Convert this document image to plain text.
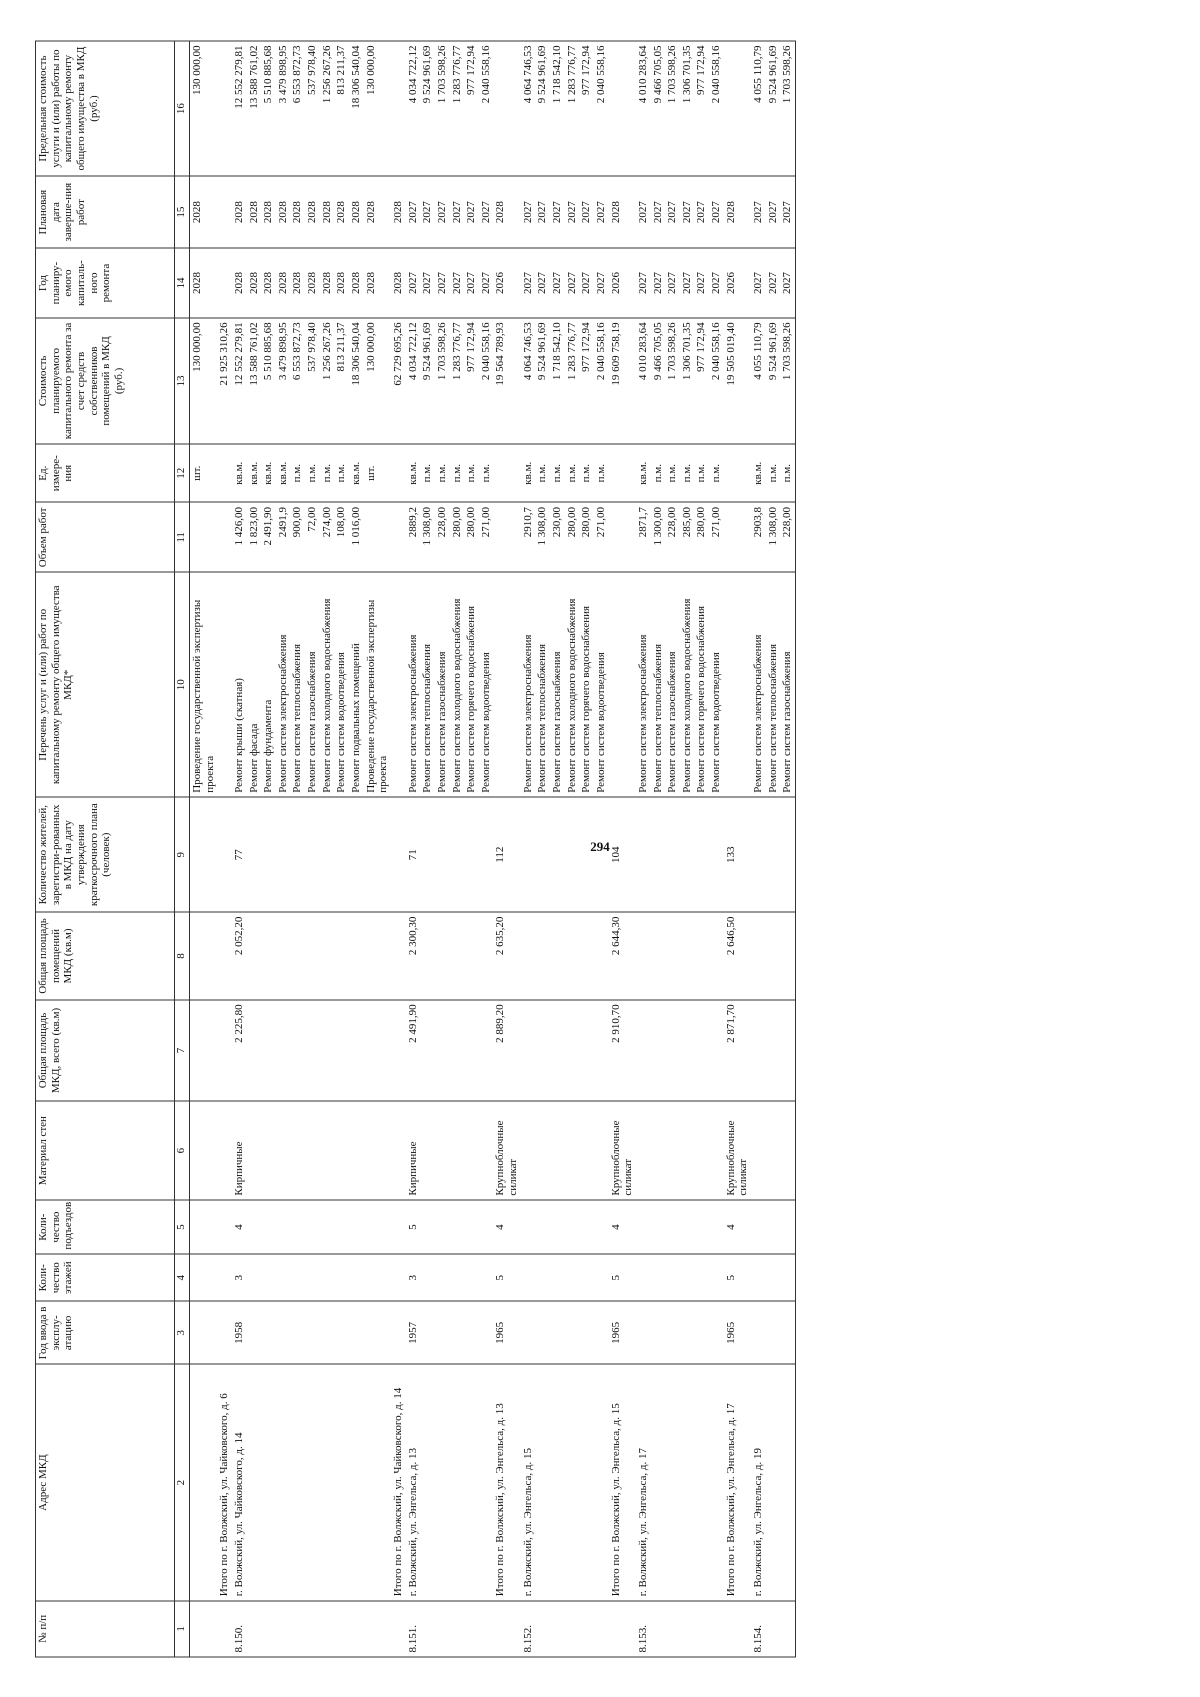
294
№ п/п	Адрес МКД	Год ввода в эксплу-атацию	Коли-чество этажей	Коли-чество подъездов	Материал стен	Общая площадь МКД, всего (кв.м)	Общая площадь помещений МКД (кв.м)	Количество жителей, зарегистри-рованных в МКД на дату утверждения краткосрочного плана (человек)	Перечень услуг и (или) работ по капитальному ремонту общего имущества МКД*	Объем работ	Ед. измере-ния	Стоимость планируемого капитального ремонта за счет средств собственников помещений в МКД (руб.)	Год планиру-емого капиталь-ного ремонта	Плановая дата заверше-ния работ	Предельная стоимость услуги и (или) работы по капитальному ремонту общего имущества в МКД (руб.)
1	2	3	4	5	6	7	8	9	10	11	12	13	14	15	16
									Проведение государственной экспертизы проекта		шт.	130 000,00	2028	2028	130 000,00
	Итого по г. Волжский, ул. Чайковского, д. 6											21 925 310,26			
8.150.	г. Волжский, ул. Чайковского, д. 14	1958	3	4	Кирпичные	2 225,80	2 052,20	77	Ремонт крыши (скатная)	1 426,00	кв.м.	12 552 279,81	2028	2028	12 552 279,81
									Ремонт фасада	1 823,00	кв.м.	13 588 761,02	2028	2028	13 588 761,02
									Ремонт фундамента	2 491,90	кв.м.	5 510 885,68	2028	2028	5 510 885,68
									Ремонт систем электроснабжения	2491,9	кв.м.	3 479 898,95	2028	2028	3 479 898,95
									Ремонт систем теплоснабжения	900,00	п.м.	6 553 872,73	2028	2028	6 553 872,73
									Ремонт систем газоснабжения	72,00	п.м.	537 978,40	2028	2028	537 978,40
									Ремонт систем холодного водоснабжения	274,00	п.м.	1 256 267,26	2028	2028	1 256 267,26
									Ремонт систем водоотведения	108,00	п.м.	813 211,37	2028	2028	813 211,37
									Ремонт подвальных помещений	1 016,00	кв.м.	18 306 540,04	2028	2028	18 306 540,04
									Проведение государственной экспертизы проекта		шт.	130 000,00	2028	2028	130 000,00
	Итого по г. Волжский, ул. Чайковского, д. 14											62 729 695,26	2028	2028	
8.151.	г. Волжский, ул. Энгельса, д. 13	1957	3	5	Кирпичные	2 491,90	2 300,30	71	Ремонт систем электроснабжения	2889,2	кв.м.	4 034 722,12	2027	2027	4 034 722,12
									Ремонт систем теплоснабжения	1 308,00	п.м.	9 524 961,69	2027	2027	9 524 961,69
									Ремонт систем газоснабжения	228,00	п.м.	1 703 598,26	2027	2027	1 703 598,26
									Ремонт систем холодного водоснабжения	280,00	п.м.	1 283 776,77	2027	2027	1 283 776,77
									Ремонт систем горячего водоснабжения	280,00	п.м.	977 172,94	2027	2027	977 172,94
									Ремонт систем водоотведения	271,00	п.м.	2 040 558,16	2027	2027	2 040 558,16
	Итого по г. Волжский, ул. Энгельса, д. 13	1965	5	4	Крупноблочные силикат	2 889,20	2 635,20	112				19 564 789,93	2026	2028	
8.152.	г. Волжский, ул. Энгельса, д. 15								Ремонт систем электроснабжения	2910,7	кв.м.	4 064 746,53	2027	2027	4 064 746,53
									Ремонт систем теплоснабжения	1 308,00	п.м.	9 524 961,69	2027	2027	9 524 961,69
									Ремонт систем газоснабжения	230,00	п.м.	1 718 542,10	2027	2027	1 718 542,10
									Ремонт систем холодного водоснабжения	280,00	п.м.	1 283 776,77	2027	2027	1 283 776,77
									Ремонт систем горячего водоснабжения	280,00	п.м.	977 172,94	2027	2027	977 172,94
									Ремонт систем водоотведения	271,00	п.м.	2 040 558,16	2027	2027	2 040 558,16
	Итого по г. Волжский, ул. Энгельса, д. 15	1965	5	4	Крупноблочные силикат	2 910,70	2 644,30	104				19 609 758,19	2026	2028	
8.153.	г. Волжский, ул. Энгельса, д. 17								Ремонт систем электроснабжения	2871,7	кв.м.	4 010 283,64	2027	2027	4 010 283,64
									Ремонт систем теплоснабжения	1 300,00	п.м.	9 466 705,05	2027	2027	9 466 705,05
									Ремонт систем газоснабжения	228,00	п.м.	1 703 598,26	2027	2027	1 703 598,26
									Ремонт систем холодного водоснабжения	285,00	п.м.	1 306 701,35	2027	2027	1 306 701,35
									Ремонт систем горячего водоснабжения	280,00	п.м.	977 172,94	2027	2027	977 172,94
									Ремонт систем водоотведения	271,00	п.м.	2 040 558,16	2027	2027	2 040 558,16
	Итого по г. Волжский, ул. Энгельса, д. 17	1965	5	4	Крупноблочные силикат	2 871,70	2 646,50	133				19 505 019,40	2026	2028	
8.154.	г. Волжский, ул. Энгельса, д. 19								Ремонт систем электроснабжения	2903,8	кв.м.	4 055 110,79	2027	2027	4 055 110,79
									Ремонт систем теплоснабжения	1 308,00	п.м.	9 524 961,69	2027	2027	9 524 961,69
									Ремонт систем газоснабжения	228,00	п.м.	1 703 598,26	2027	2027	1 703 598,26
